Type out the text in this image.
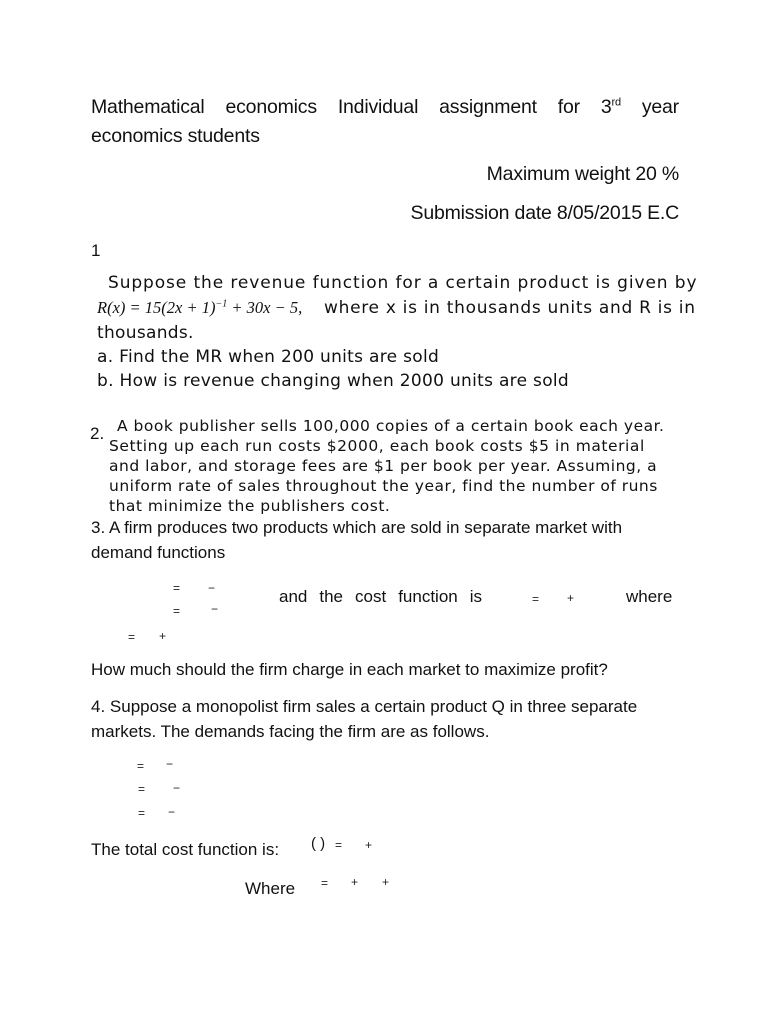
Mathematical economics Individual assignment for 3rd year
economics students
Maximum weight 20 %
Submission date 8/05/2015 E.C
1
Suppose the revenue function for a certain product is given by
$R(x) = 15(2x + 1)^{-1} + 30x - 5$, where x is in thousands units and R is in
thousands.
a. Find the MR when 200 units are sold
b. How is revenue changing when 2000 units are sold
2. A book publisher sells 100,000 copies of a certain book each year.
Setting up each run costs $2000, each book costs $5 in material
and labor, and storage fees are $1 per book per year. Assuming, a
uniform rate of sales throughout the year, find the number of runs
that minimize the publishers cost.
3. A firm produces two products which are sold in separate market with
demand functions
= −
=	−
and the cost function is	= +	where
= +
How much should the firm charge in each market to maximize profit?
4. Suppose a monopolist firm sales a certain product Q in three separate
markets. The demands facing the firm are as follows.
= −
= −
= −
The total cost function is: ( ) = +
Where = + +
